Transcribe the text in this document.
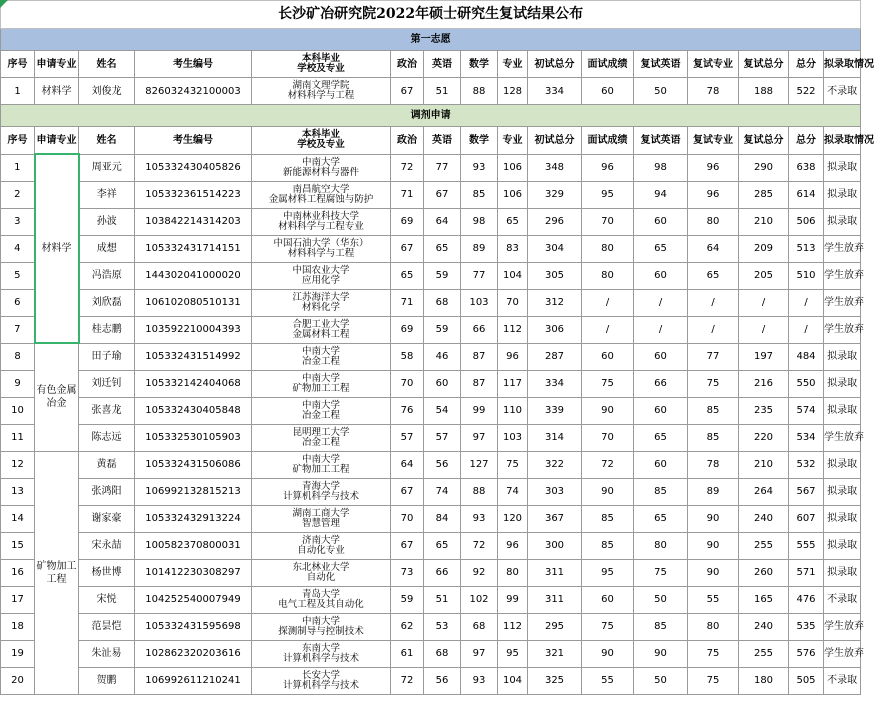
长沙矿冶研究院2022年硕士研究生复试结果公布															
第一志愿															
序号	申请专业	姓名	考生编号	本科毕业
学校及专业	政治	英语	数学	专业	初试总分	面试成绩	复试英语	复试专业	复试总分	总分	拟录取情况
1	材料学	刘俊龙	826032432100003	湖南文理学院
材料科学与工程	67	51	88	128	334	60	50	78	188	522	不录取
调剂申请															
序号	申请专业	姓名	考生编号	本科毕业
学校及专业	政治	英语	数学	专业	初试总分	面试成绩	复试英语	复试专业	复试总分	总分	拟录取情况
1	材料学	周亚元	105332430405826	中南大学
新能源材料与器件	72	77	93	106	348	96	98	96	290	638	拟录取
2		李祥	105332361514223	南昌航空大学
金属材料工程腐蚀与防护	71	67	85	106	329	95	94	96	285	614	拟录取
3		孙波	103842214314203	中南林业科技大学
材料科学与工程专业	69	64	98	65	296	70	60	80	210	506	拟录取
4		成想	105332431714151	中国石油大学（华东）
材料科学与工程	67	65	89	83	304	80	65	64	209	513	学生放弃
5		冯浩原	144302041000020	中国农业大学
应用化学	65	59	77	104	305	80	60	65	205	510	学生放弃
6		刘欣磊	106102080510131	江苏海洋大学
材料化学	71	68	103	70	312	/	/	/	/	/	学生放弃
7		桂志鹏	103592210004393	合肥工业大学
金属材料工程	69	59	66	112	306	/	/	/	/	/	学生放弃
8	有色金属冶金	田子瑜	105332431514992	中南大学
冶金工程	58	46	87	96	287	60	60	77	197	484	拟录取
9		刘迁钊	105332142404068	中南大学
矿物加工工程	70	60	87	117	334	75	66	75	216	550	拟录取
10		张喜龙	105332430405848	中南大学
冶金工程	76	54	99	110	339	90	60	85	235	574	拟录取
11		陈志远	105332530105903	昆明理工大学
冶金工程	57	57	97	103	314	70	65	85	220	534	学生放弃
12	矿物加工工程	黄磊	105332431506086	中南大学
矿物加工工程	64	56	127	75	322	72	60	78	210	532	拟录取
13		张鸿阳	106992132815213	青海大学
计算机科学与技术	67	74	88	74	303	90	85	89	264	567	拟录取
14		谢家豪	105332432913224	湖南工商大学
智慧管理	70	84	93	120	367	85	65	90	240	607	拟录取
15		宋永喆	100582370800031	济南大学
自动化专业	67	65	72	96	300	85	80	90	255	555	拟录取
16		杨世博	101412230308297	东北林业大学
自动化	73	66	92	80	311	95	75	90	260	571	拟录取
17		宋悦	104252540007949	青岛大学
电气工程及其自动化	59	51	102	99	311	60	50	55	165	476	不录取
18		范昙恺	105332431595698	中南大学
探测制导与控制技术	62	53	68	112	295	75	85	80	240	535	学生放弃
19		朱沚易	102862320203616	东南大学
计算机科学与技术	61	68	97	95	321	90	90	75	255	576	学生放弃
20		贺鹏	106992611210241	长安大学
计算机科学与技术	72	56	93	104	325	55	50	75	180	505	不录取
